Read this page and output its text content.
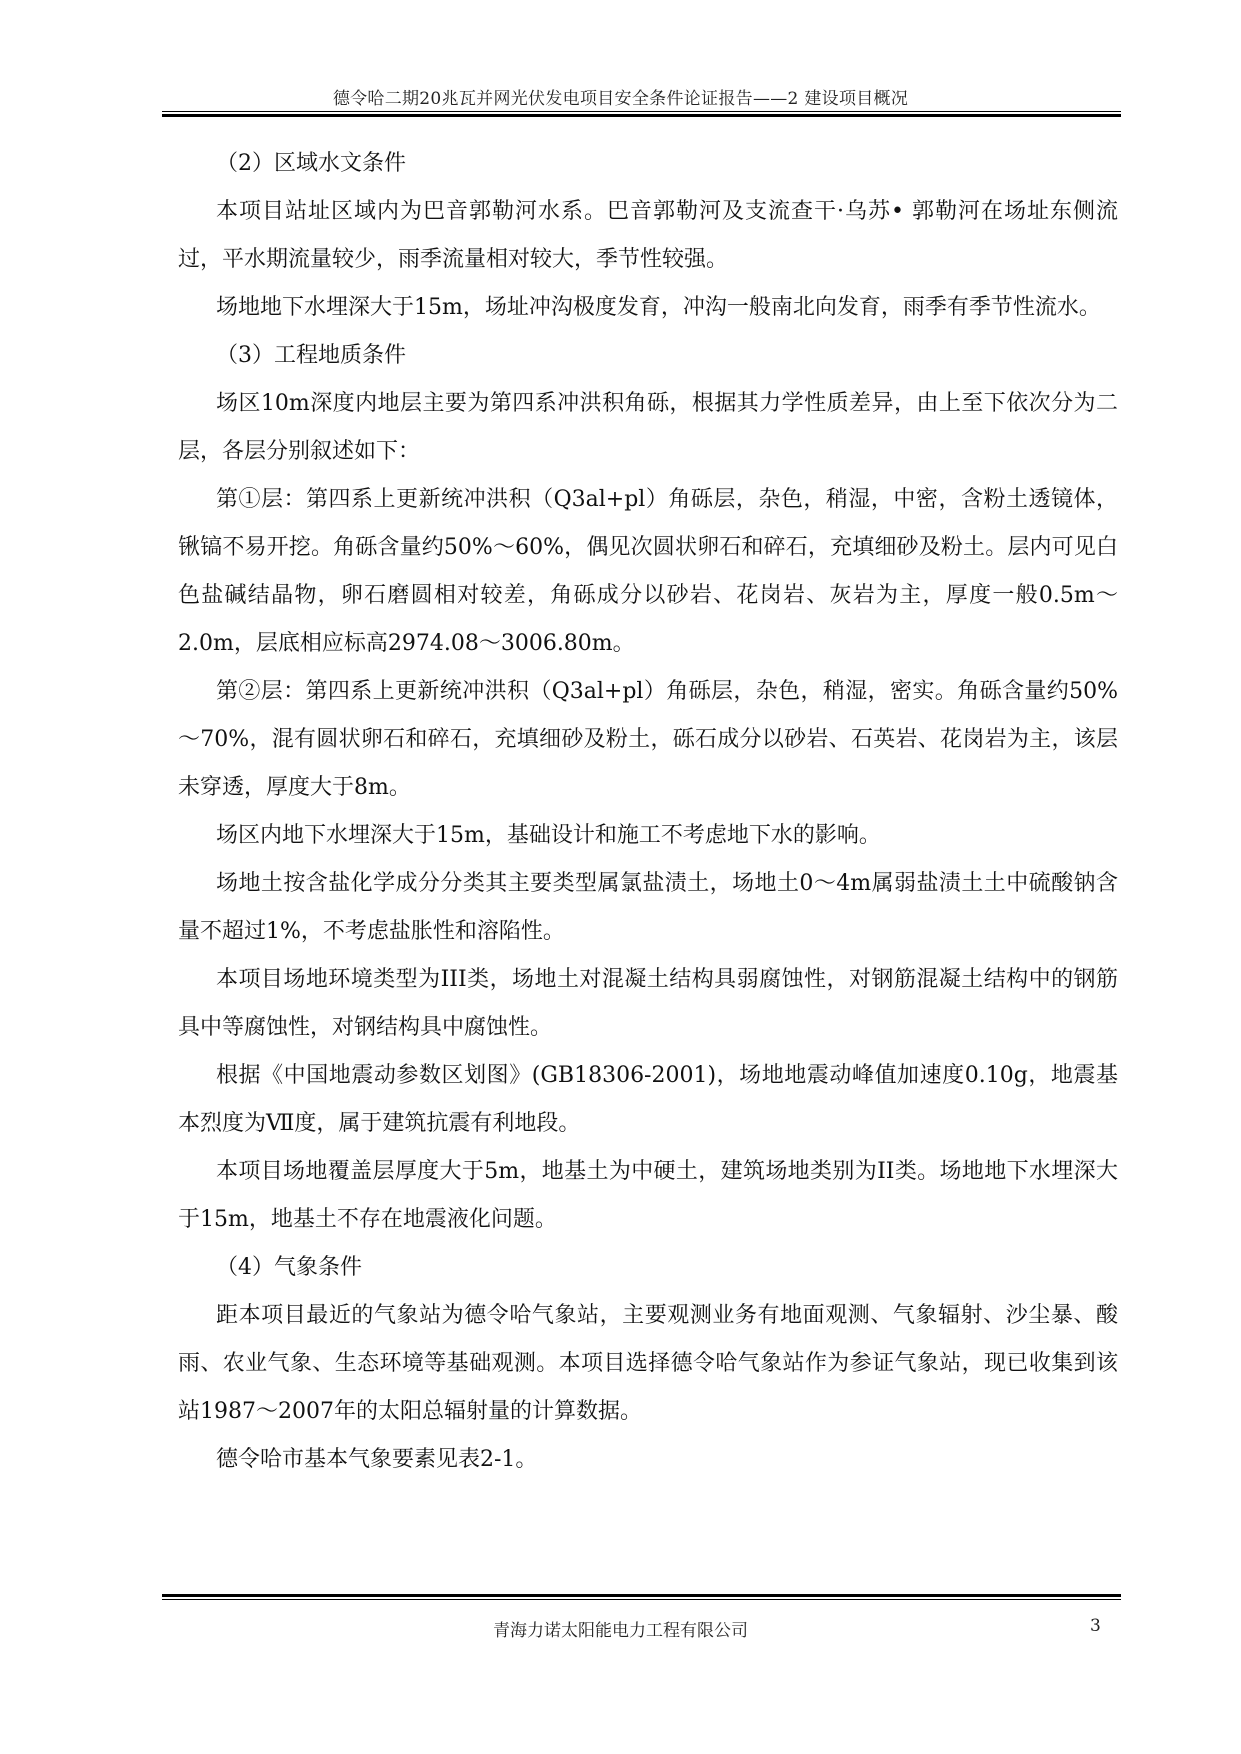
德令哈二期20兆瓦并网光伏发电项目安全条件论证报告——2 建设项目概况

（2）区域水文条件

本项目站址区域内为巴音郭勒河水系。巴音郭勒河及支流查干·乌苏• 郭勒河在场址东侧流过，平水期流量较少，雨季流量相对较大，季节性较强。

场地地下水埋深大于15m，场址冲沟极度发育，冲沟一般南北向发育，雨季有季节性流水。

（3）工程地质条件

场区10m深度内地层主要为第四系冲洪积角砾，根据其力学性质差异，由上至下依次分为二层，各层分别叙述如下：

第①层：第四系上更新统冲洪积（Q3al+pl）角砾层，杂色，稍湿，中密，含粉土透镜体，锹镐不易开挖。角砾含量约50%～60%，偶见次圆状卵石和碎石，充填细砂及粉土。层内可见白色盐碱结晶物，卵石磨圆相对较差，角砾成分以砂岩、花岗岩、灰岩为主，厚度一般0.5m～2.0m，层底相应标高2974.08～3006.80m。

第②层：第四系上更新统冲洪积（Q3al+pl）角砾层，杂色，稍湿，密实。角砾含量约50%～70%，混有圆状卵石和碎石，充填细砂及粉土，砾石成分以砂岩、石英岩、花岗岩为主，该层未穿透，厚度大于8m。

场区内地下水埋深大于15m，基础设计和施工不考虑地下水的影响。

场地土按含盐化学成分分类其主要类型属氯盐渍土，场地土0～4m属弱盐渍土土中硫酸钠含量不超过1%，不考虑盐胀性和溶陷性。

本项目场地环境类型为III类，场地土对混凝土结构具弱腐蚀性，对钢筋混凝土结构中的钢筋具中等腐蚀性，对钢结构具中腐蚀性。

根据《中国地震动参数区划图》(GB18306-2001)，场地地震动峰值加速度0.10g，地震基本烈度为Ⅶ度，属于建筑抗震有利地段。

本项目场地覆盖层厚度大于5m，地基土为中硬土，建筑场地类别为II类。场地地下水埋深大于15m，地基土不存在地震液化问题。

（4）气象条件

距本项目最近的气象站为德令哈气象站，主要观测业务有地面观测、气象辐射、沙尘暴、酸雨、农业气象、生态环境等基础观测。本项目选择德令哈气象站作为参证气象站，现已收集到该站1987～2007年的太阳总辐射量的计算数据。

德令哈市基本气象要素见表2-1。

青海力诺太阳能电力工程有限公司	3
